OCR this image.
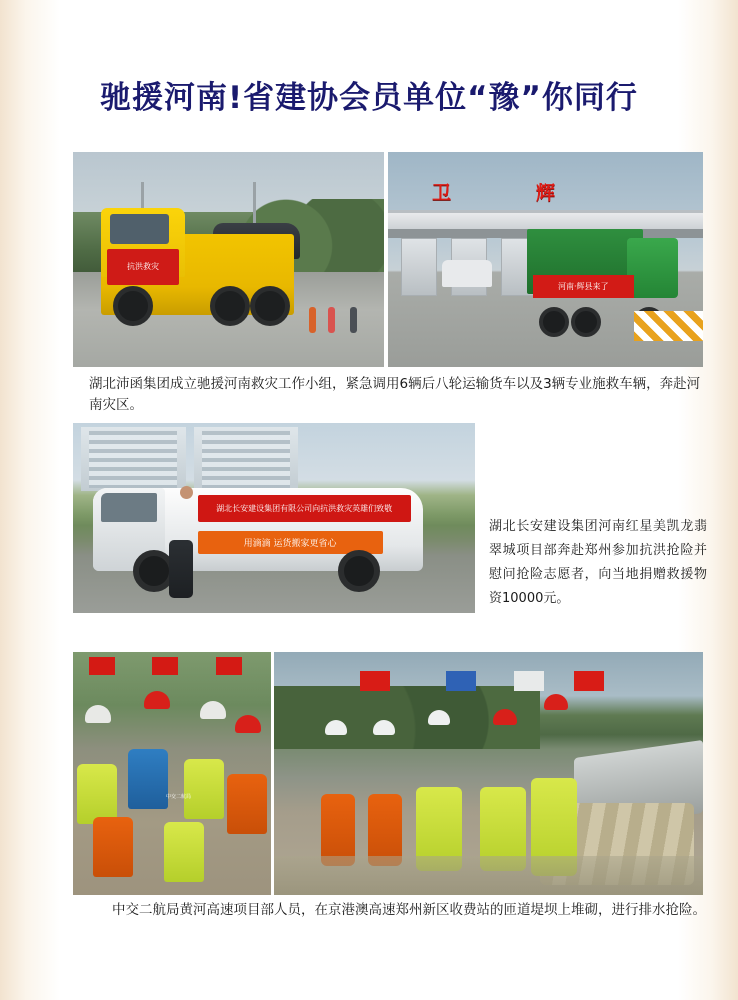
驰援河南!省建协会员单位“豫”你同行
抗洪救灾
卫	辉
河南·辉县来了
湖北沛函集团成立驰援河南救灾工作小组，紧急调用6辆后八轮运输货车以及3辆专业施救车辆，奔赴河南灾区。
湖北长安建设集团有限公司向抗洪救灾英雄们致敬
用滴滴 运货搬家更省心
湖北长安建设集团河南红星美凯龙翡翠城项目部奔赴郑州参加抗洪抢险并慰问抢险志愿者，向当地捐赠救援物资10000元。
中交二航局
中交二航局黄河高速项目部人员，在京港澳高速郑州新区收费站的匝道堤坝上堆砌，进行排水抢险。
